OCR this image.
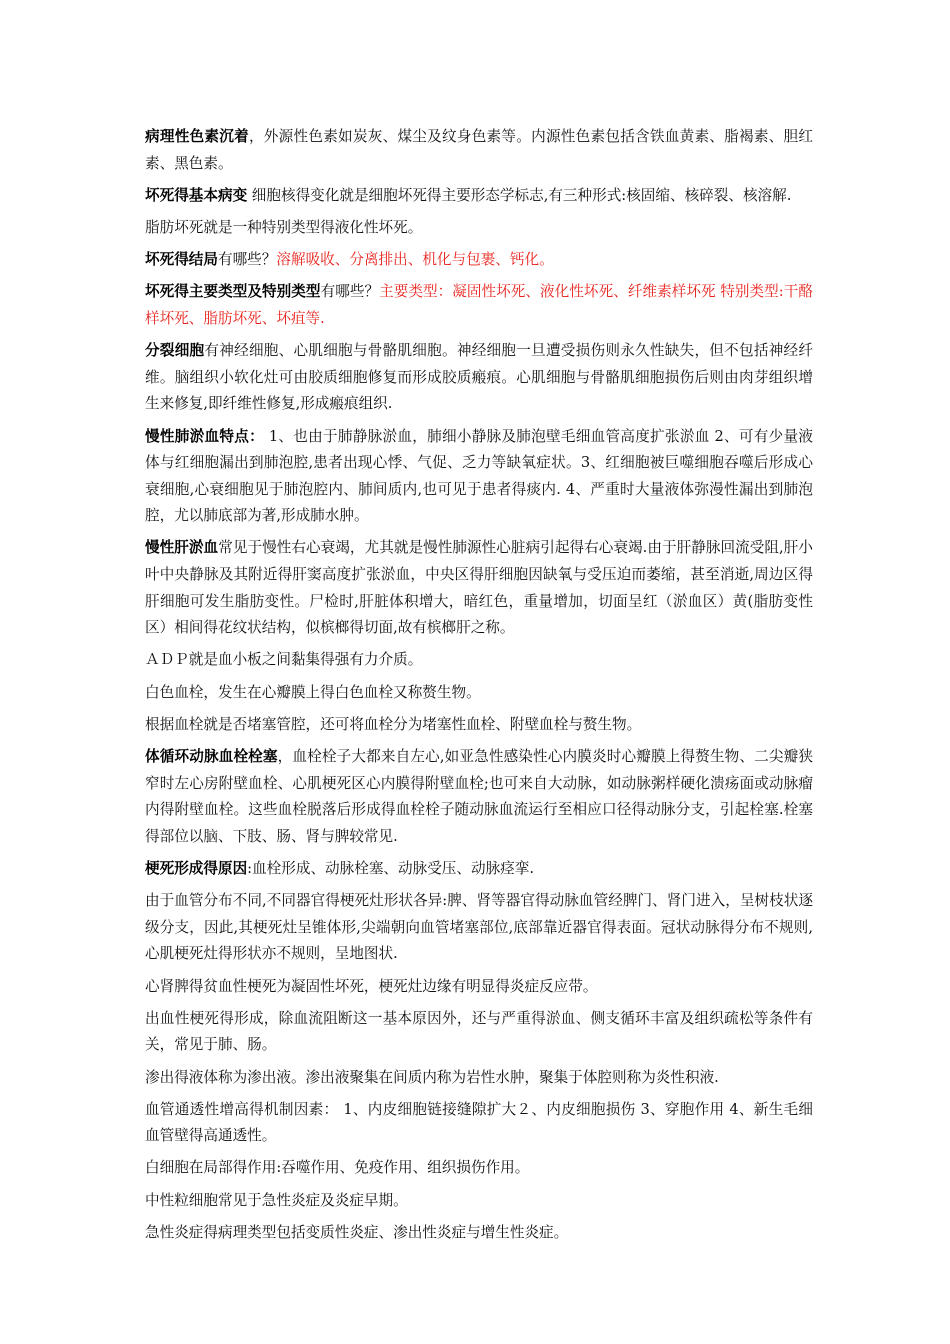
病理性色素沉着，外源性色素如炭灰、煤尘及纹身色素等。内源性色素包括含铁血黄素、脂褐素、胆红素、黑色素。

坏死得基本病变 细胞核得变化就是细胞坏死得主要形态学标志,有三种形式:核固缩、核碎裂、核溶解.

脂肪坏死就是一种特别类型得液化性坏死。

坏死得结局有哪些？溶解吸收、分离排出、机化与包裹、钙化。

坏死得主要类型及特别类型有哪些？主要类型：凝固性坏死、液化性坏死、纤维素样坏死 特别类型:干酪样坏死、脂肪坏死、坏疽等.

分裂细胞有神经细胞、心肌细胞与骨骼肌细胞。神经细胞一旦遭受损伤则永久性缺失，但不包括神经纤维。脑组织小软化灶可由胶质细胞修复而形成胶质瘢痕。心肌细胞与骨骼肌细胞损伤后则由肉芽组织增生来修复,即纤维性修复,形成瘢痕组织.

慢性肺淤血特点： 1、也由于肺静脉淤血，肺细小静脉及肺泡壁毛细血管高度扩张淤血 2、可有少量液体与红细胞漏出到肺泡腔,患者出现心悸、气促、乏力等缺氧症状。3、红细胞被巨噬细胞吞噬后形成心衰细胞,心衰细胞见于肺泡腔内、肺间质内,也可见于患者得痰内. 4、严重时大量液体弥漫性漏出到肺泡腔，尤以肺底部为著,形成肺水肿。

慢性肝淤血常见于慢性右心衰竭，尤其就是慢性肺源性心脏病引起得右心衰竭.由于肝静脉回流受阻,肝小叶中央静脉及其附近得肝窦高度扩张淤血，中央区得肝细胞因缺氧与受压迫而萎缩，甚至消逝,周边区得肝细胞可发生脂肪变性。尸检时,肝脏体积增大，暗红色，重量增加，切面呈红（淤血区）黄(脂肪变性区）相间得花纹状结构，似槟榔得切面,故有槟榔肝之称。

ＡＤＰ就是血小板之间黏集得强有力介质。

白色血栓，发生在心瓣膜上得白色血栓又称赘生物。

根据血栓就是否堵塞管腔，还可将血栓分为堵塞性血栓、附壁血栓与赘生物。

体循环动脉血栓栓塞，血栓栓子大都来自左心,如亚急性感染性心内膜炎时心瓣膜上得赘生物、二尖瓣狭窄时左心房附壁血栓、心肌梗死区心内膜得附壁血栓;也可来自大动脉，如动脉粥样硬化溃疡面或动脉瘤内得附壁血栓。这些血栓脱落后形成得血栓栓子随动脉血流运行至相应口径得动脉分支，引起栓塞.栓塞得部位以脑、下肢、肠、肾与脾较常见.

梗死形成得原因:血栓形成、动脉栓塞、动脉受压、动脉痉挛.

由于血管分布不同,不同器官得梗死灶形状各异:脾、肾等器官得动脉血管经脾门、肾门进入，呈树枝状逐级分支，因此,其梗死灶呈锥体形,尖端朝向血管堵塞部位,底部靠近器官得表面。冠状动脉得分布不规则,心肌梗死灶得形状亦不规则，呈地图状.

心肾脾得贫血性梗死为凝固性坏死，梗死灶边缘有明显得炎症反应带。

出血性梗死得形成，除血流阻断这一基本原因外，还与严重得淤血、侧支循环丰富及组织疏松等条件有关，常见于肺、肠。

渗出得液体称为渗出液。渗出液聚集在间质内称为岩性水肿，聚集于体腔则称为炎性积液.

血管通透性增高得机制因素： 1、内皮细胞链接缝隙扩大２、内皮细胞损伤 3、穿胞作用 4、新生毛细血管壁得高通透性。

白细胞在局部得作用:吞噬作用、免疫作用、组织损伤作用。

中性粒细胞常见于急性炎症及炎症早期。

急性炎症得病理类型包括变质性炎症、渗出性炎症与增生性炎症。
